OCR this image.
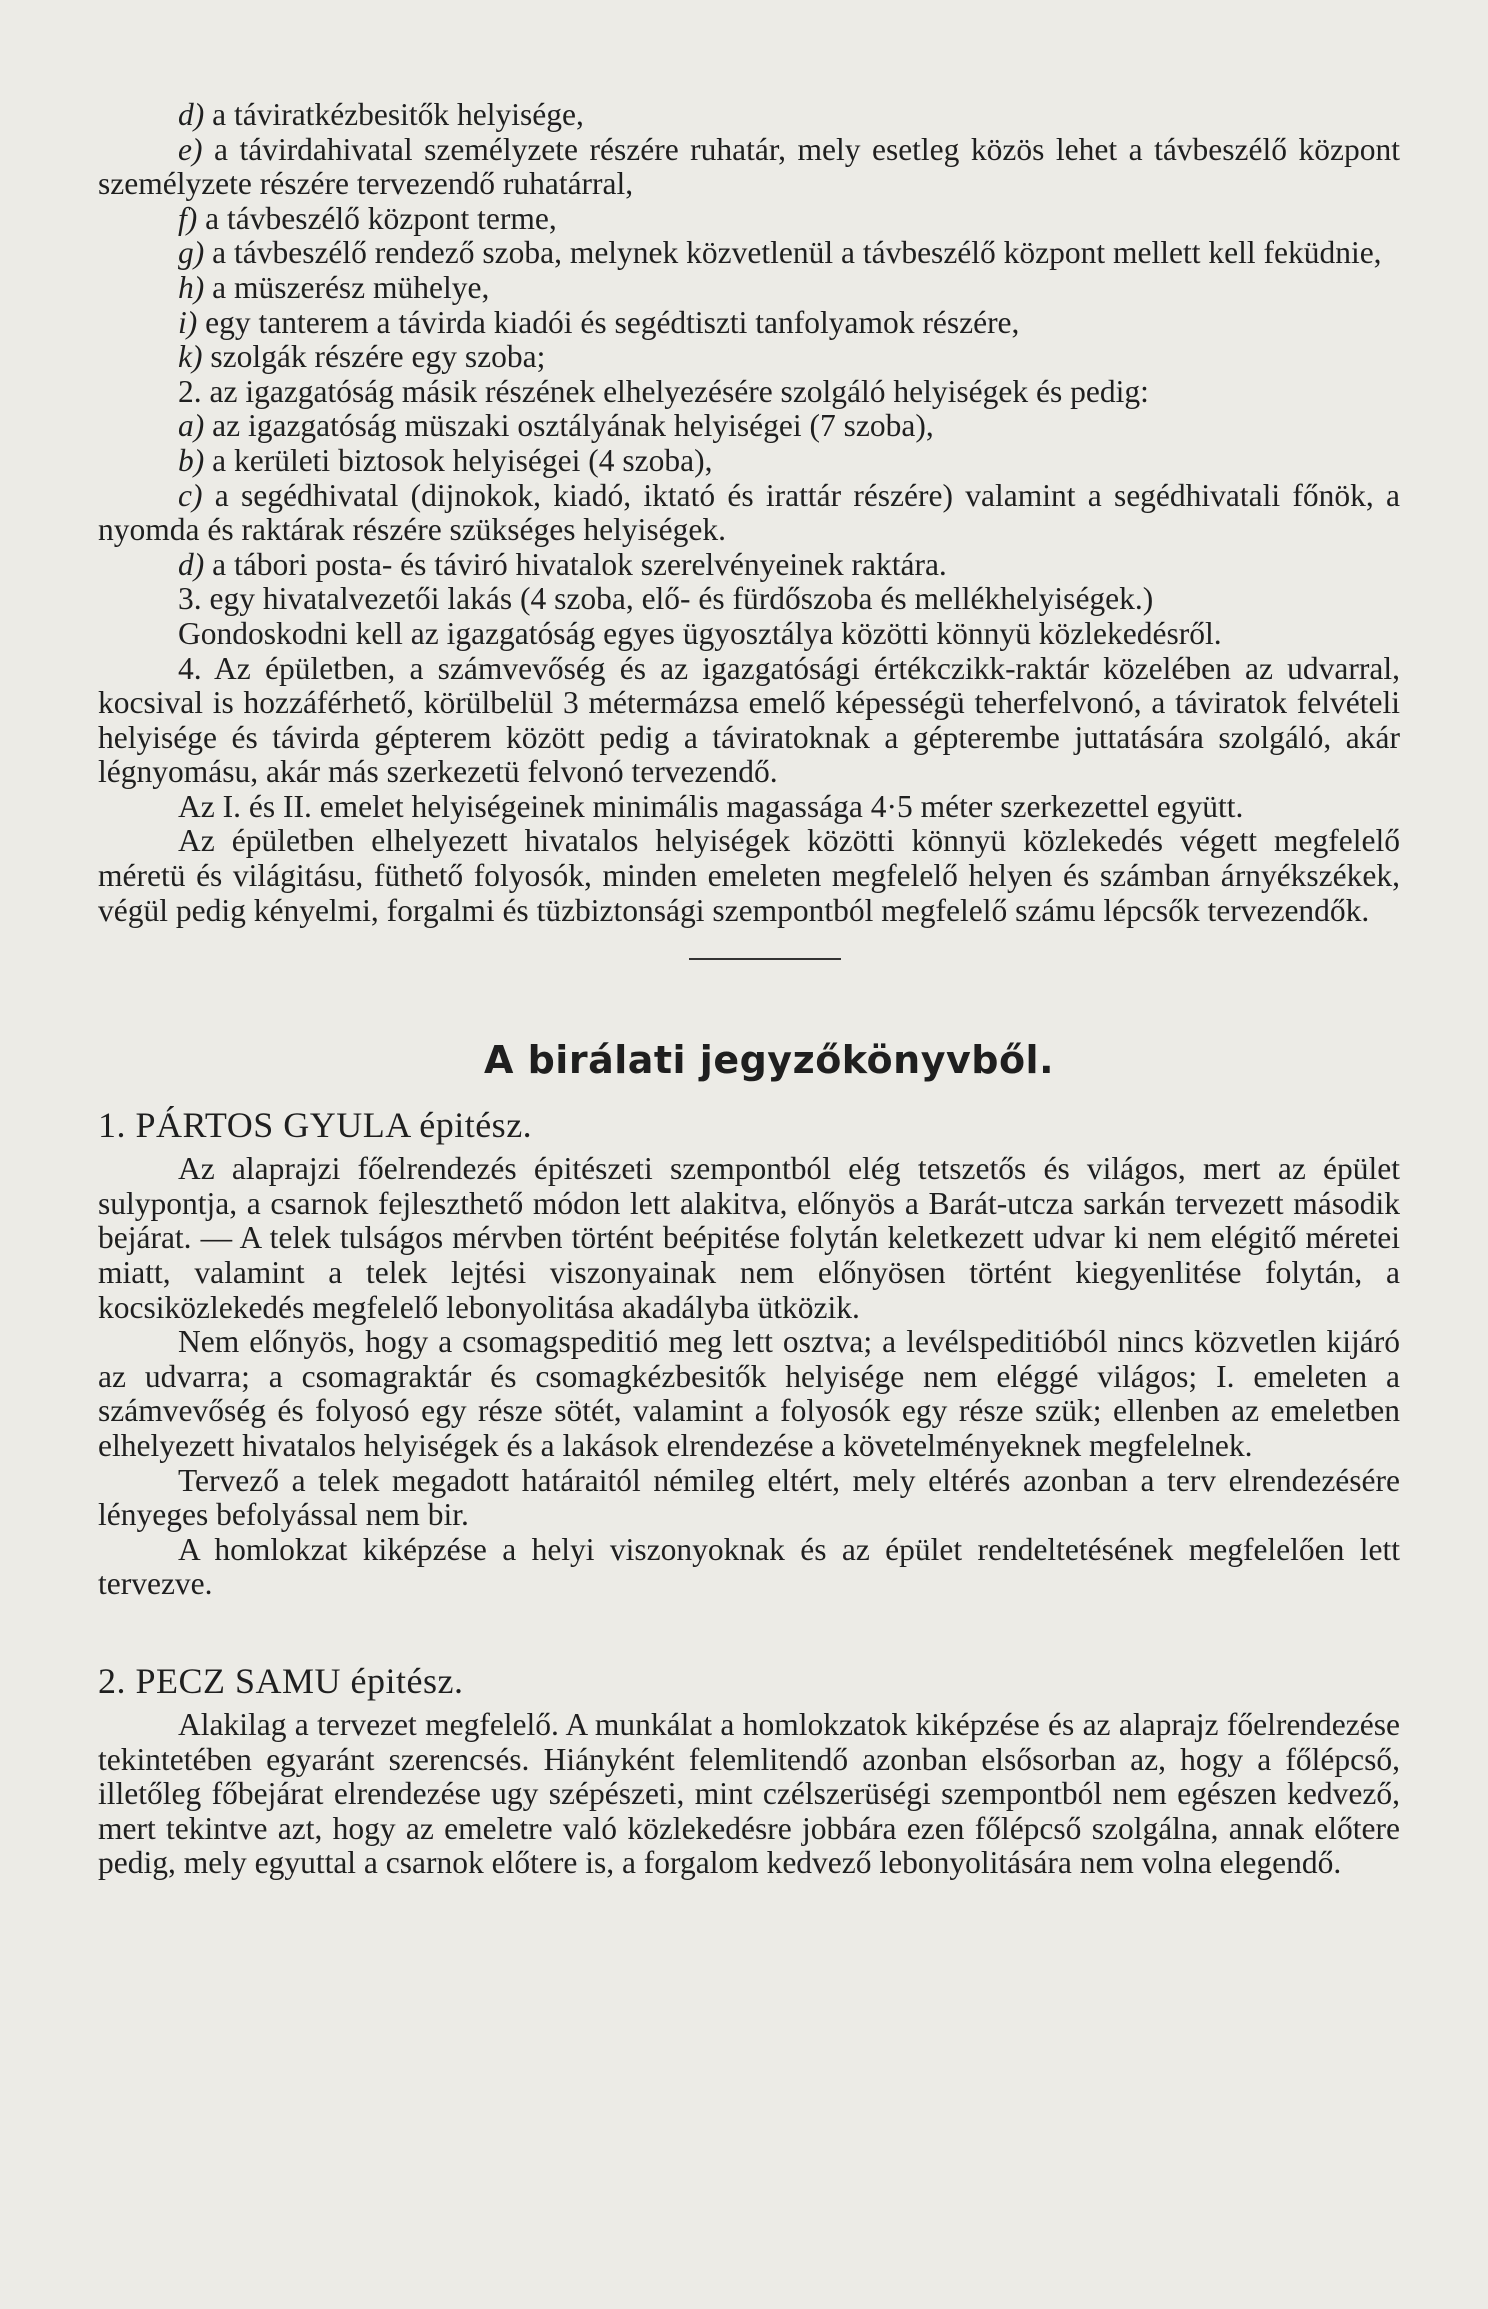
d) a táviratkézbesitők helyisége,

e) a távirdahivatal személyzete részére ruhatár, mely esetleg közös lehet a távbeszélő központ személyzete részére tervezendő ruhatárral,

f) a távbeszélő központ terme,

g) a távbeszélő rendező szoba, melynek közvetlenül a távbeszélő központ mellett kell feküdnie,

h) a müszerész mühelye,

i) egy tanterem a távirda kiadói és segédtiszti tanfolyamok részére,

k) szolgák részére egy szoba;

2. az igazgatóság másik részének elhelyezésére szolgáló helyiségek és pedig:

a) az igazgatóság müszaki osztályának helyiségei (7 szoba),

b) a kerületi biztosok helyiségei (4 szoba),

c) a segédhivatal (dijnokok, kiadó, iktató és irattár részére) valamint a segédhivatali főnök, a nyomda és raktárak részére szükséges helyiségek.

d) a tábori posta- és táviró hivatalok szerelvényeinek raktára.

3. egy hivatalvezetői lakás (4 szoba, elő- és fürdőszoba és mellékhelyiségek.)

Gondoskodni kell az igazgatóság egyes ügyosztálya közötti könnyü közlekedésről.

4. Az épületben, a számvevőség és az igazgatósági értékczikk-raktár közelében az udvarral, kocsival is hozzáférhető, körülbelül 3 métermázsa emelő képességü teherfelvonó, a táviratok felvételi helyisége és távirda gépterem között pedig a táviratoknak a gépterembe juttatására szolgáló, akár légnyomásu, akár más szerkezetü felvonó tervezendő.

Az I. és II. emelet helyiségeinek minimális magassága 4·5 méter szerkezettel együtt.

Az épületben elhelyezett hivatalos helyiségek közötti könnyü közlekedés végett megfelelő méretü és világitásu, füthető folyosók, minden emeleten megfelelő helyen és számban árnyékszékek, végül pedig kényelmi, forgalmi és tüzbiztonsági szempontból megfelelő számu lépcsők tervezendők.

A birálati jegyzőkönyvből.
1. PÁRTOS GYULA épitész.

Az alaprajzi főelrendezés épitészeti szempontból elég tetszetős és világos, mert az épület sulypontja, a csarnok fejleszthető módon lett alakitva, előnyös a Barát-utcza sarkán tervezett második bejárat. — A telek tulságos mérvben történt beépitése folytán keletkezett udvar ki nem elégitő méretei miatt, valamint a telek lejtési viszonyainak nem előnyösen történt kiegyenlitése folytán, a kocsiközlekedés megfelelő lebonyolitása akadályba ütközik.

Nem előnyös, hogy a csomagspeditió meg lett osztva; a levélspeditióból nincs közvetlen kijáró az udvarra; a csomagraktár és csomagkézbesitők helyisége nem eléggé világos; I. emeleten a számvevőség és folyosó egy része sötét, valamint a folyosók egy része szük; ellenben az emeletben elhelyezett hivatalos helyiségek és a lakások elrendezése a követelményeknek megfelelnek.

Tervező a telek megadott határaitól némileg eltért, mely eltérés azonban a terv elrendezésére lényeges befolyással nem bir.

A homlokzat kiképzése a helyi viszonyoknak és az épület rendeltetésének megfelelően lett tervezve.

2. PECZ SAMU épitész.

Alakilag a tervezet megfelelő. A munkálat a homlokzatok kiképzése és az alaprajz főelrendezése tekintetében egyaránt szerencsés. Hiányként felemlitendő azonban elsősorban az, hogy a főlépcső, illetőleg főbejárat elrendezése ugy szépészeti, mint czélszerüségi szempontból nem egészen kedvező, mert tekintve azt, hogy az emeletre való közlekedésre jobbára ezen főlépcső szolgálna, annak előtere pedig, mely egyuttal a csarnok előtere is, a forgalom kedvező lebonyolitására nem volna elegendő.
